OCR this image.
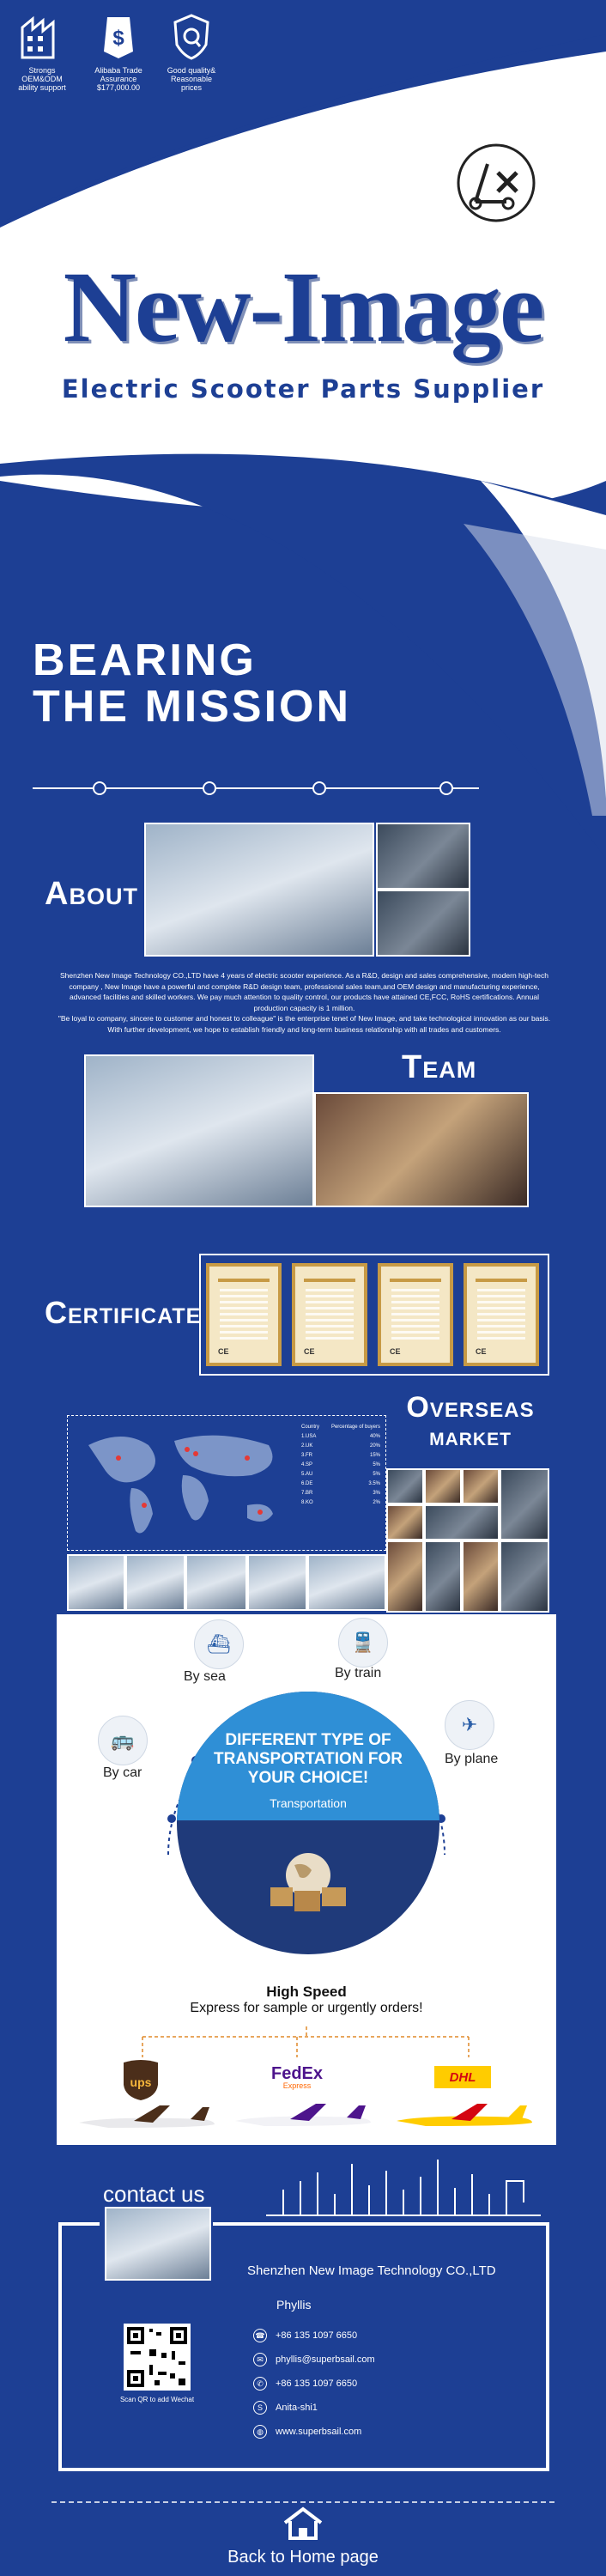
Strongs OEM&ODM ability support
$
Alibaba Trade Assurance $177,000.00
Good quality& Reasonable prices
New-Image
Electric Scooter Parts Supplier
BEARING
THE MISSION
About
Shenzhen New Image Technology CO.,LTD have 4 years of electric scooter experience. As a R&D, design and sales comprehensive, modern high-tech company , New Image have a powerful and complete R&D design team, professional sales team,and OEM design and manufacturing experience, advanced facilities and skilled workers. We pay much attention to quality control, our products have attained CE,FCC, RoHS certifications. Annual production capacity is 1 million.
"Be loyal to company, sincere to customer and honest to colleague" is the enterprise tenet of New Image, and take technological innovation as our basis. With further development, we hope to establish friendly and long-term business relationship with all trades and customers.
Team
CE	CE	CE	CE
Certificate
Overseas
market
Country Percentage of buyers
1.USA	40%
2.UK	20%
3.FR	15%
4.SP	5%
5.AU	5%
6.DE	3.5%
7.BR	3%
8.KO	2%
⛴
By sea
🚆
By train
🚌
By car
✈
By plane
DIFFERENT TYPE OF TRANSPORTATION FOR YOUR CHOICE!
Transportation
High Speed
Express for sample or urgently orders!
ups	FedEx
Express
DHL
contact us
Shenzhen New Image Technology CO.,LTD
Phyllis
Scan QR to add Wechat
☎ +86 135 1097 6650
✉	phyllis@superbsail.com
✆	+86 135 1097 6650
S	Anita-shi1
◍	www.superbsail.com
Back to Home page
